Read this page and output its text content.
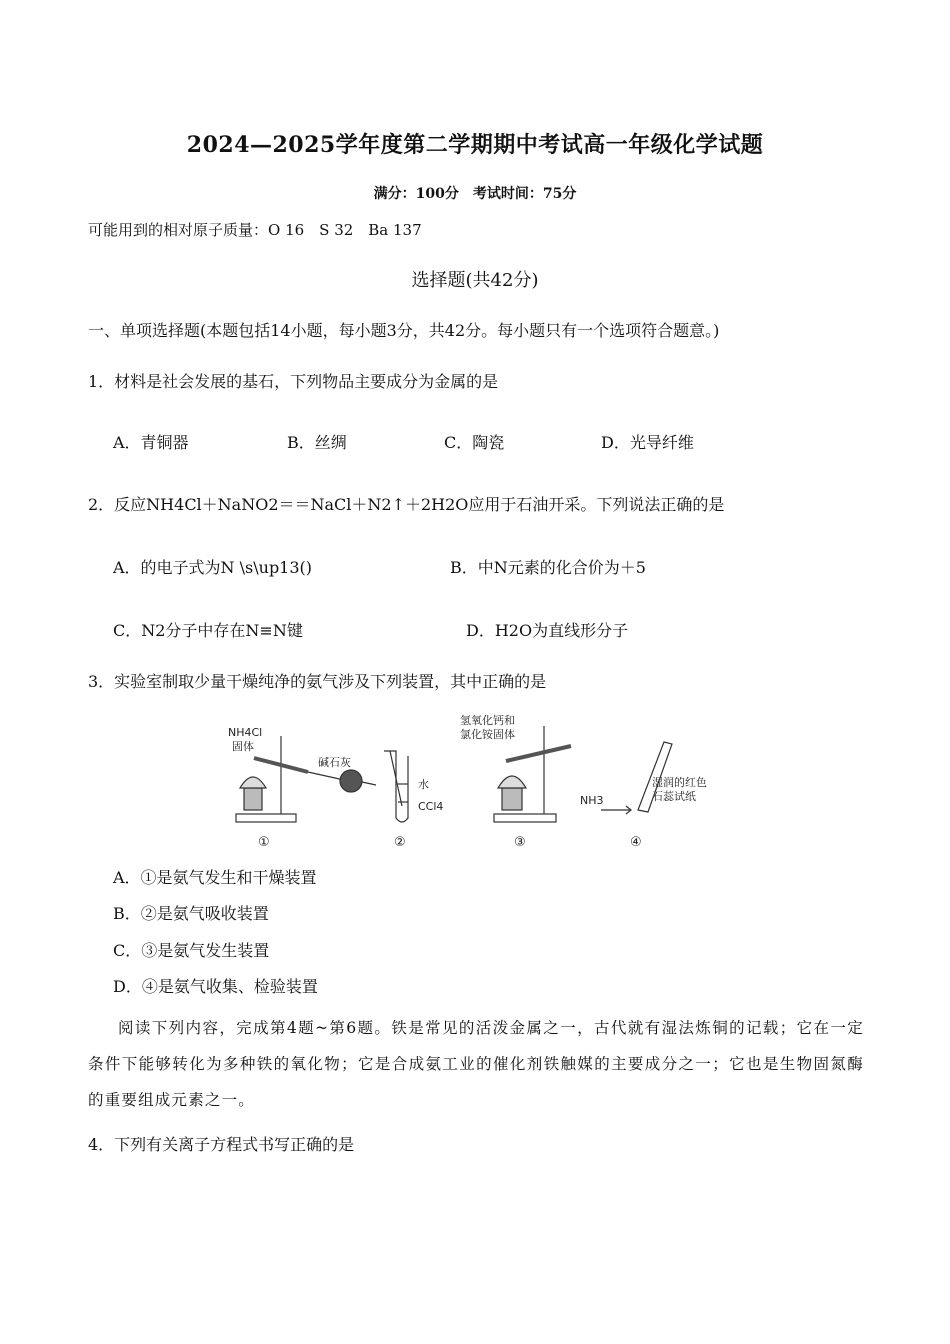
2024—2025学年度第二学期期中考试高一年级化学试题
满分：100分　考试时间：75分
可能用到的相对原子质量：O 16　S 32　Ba 137
选择题(共42分)
一、单项选择题(本题包括14小题，每小题3分，共42分。每小题只有一个选项符合题意。)
1．材料是社会发展的基石，下列物品主要成分为金属的是
A．青铜器	B．丝绸	C．陶瓷	D．光导纤维
2．反应NH4Cl＋NaNO2＝＝NaCl＋N2↑＋2H2O应用于石油开采。下列说法正确的是
A．的电子式为N \s\up13()	B．中N元素的化合价为＋5
C．N2分子中存在N≡N键	D．H2O为直线形分子
3．实验室制取少量干燥纯净的氨气涉及下列装置，其中正确的是
NH4Cl
固体
碱石灰
水
CCl4
氢氧化钙和
氯化铵固体
NH3
湿润的红色
石蕊试纸
①	②	③	④
A．①是氨气发生和干燥装置
B．②是氨气吸收装置
C．③是氨气发生装置
D．④是氨气收集、检验装置
阅读下列内容，完成第4题~第6题。铁是常见的活泼金属之一，古代就有湿法炼铜的记载；它在一定条件下能够转化为多种铁的氧化物；它是合成氨工业的催化剂铁触媒的主要成分之一；它也是生物固氮酶的重要组成元素之一。
4．下列有关离子方程式书写正确的是
